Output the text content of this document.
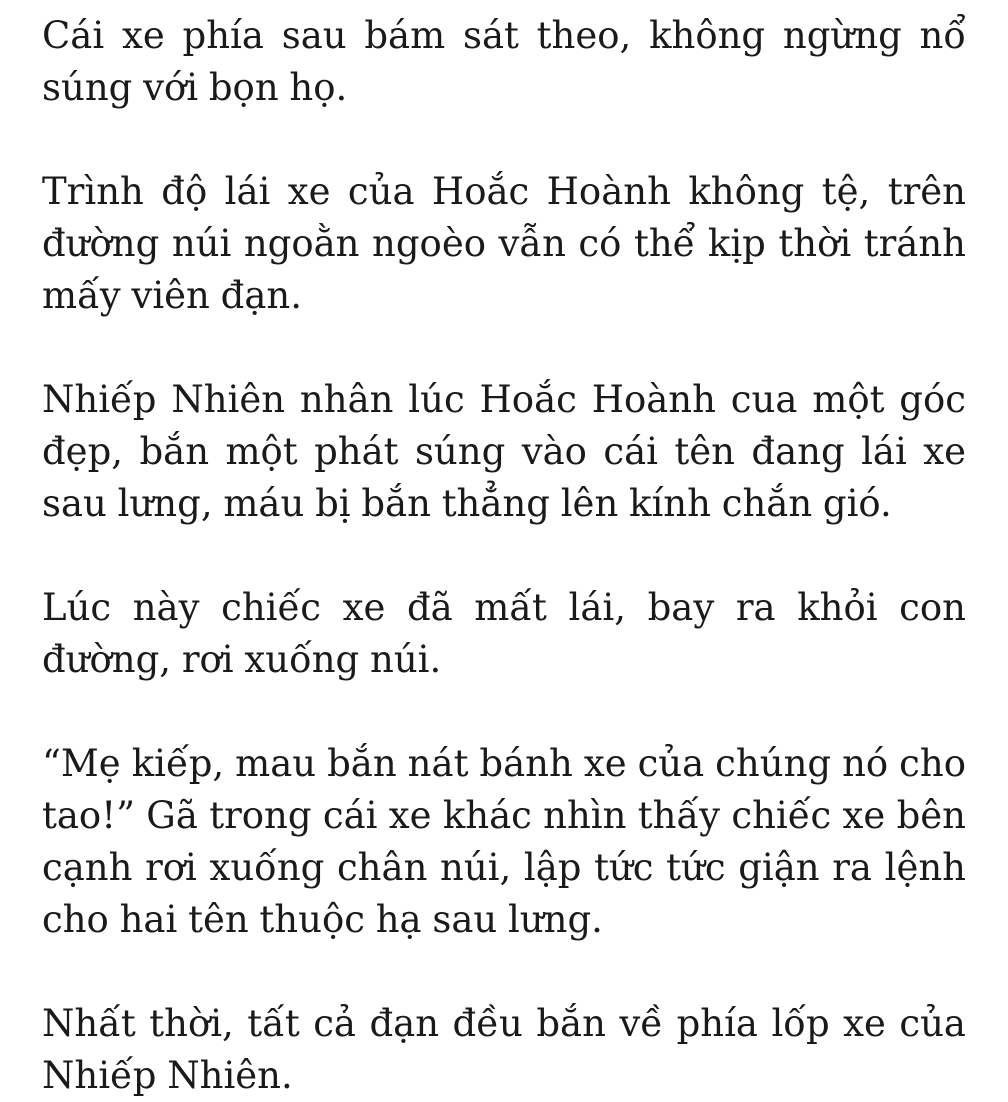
Cái xe phía sau bám sát theo, không ngừng nổ súng với bọn họ.

Trình độ lái xe của Hoắc Hoành không tệ, trên đường núi ngoằn ngoèo vẫn có thể kịp thời tránh mấy viên đạn.

Nhiếp Nhiên nhân lúc Hoắc Hoành cua một góc đẹp, bắn một phát súng vào cái tên đang lái xe sau lưng, máu bị bắn thẳng lên kính chắn gió.

Lúc này chiếc xe đã mất lái, bay ra khỏi con đường, rơi xuống núi.

“Mẹ kiếp, mau bắn nát bánh xe của chúng nó cho tao!” Gã trong cái xe khác nhìn thấy chiếc xe bên cạnh rơi xuống chân núi, lập tức tức giận ra lệnh cho hai tên thuộc hạ sau lưng.

Nhất thời, tất cả đạn đều bắn về phía lốp xe của Nhiếp Nhiên.
